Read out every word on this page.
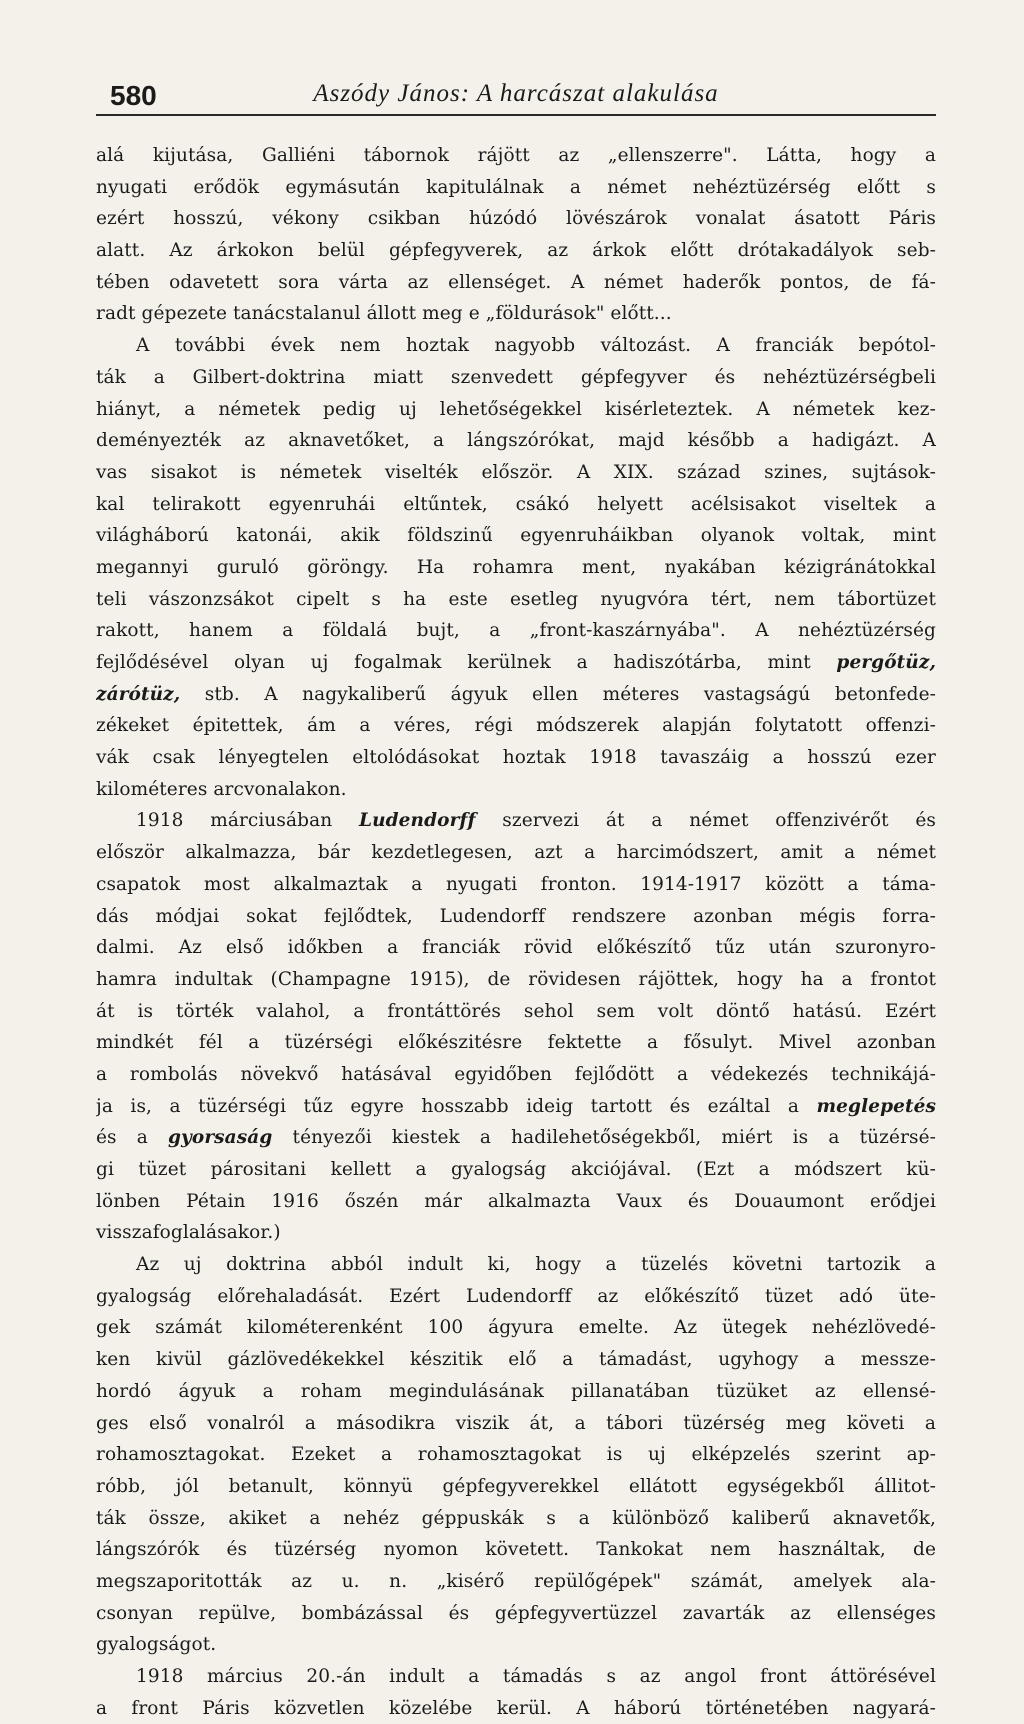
580	Aszódy János: A harcászat alakulása
alá kijutása, Galliéni tábornok rájött az „ellenszerre". Látta, hogy a
nyugati erődök egymásután kapitulálnak a német nehéztüzérség előtt s
ezért hosszú, vékony csikban húzódó lövészárok vonalat ásatott Páris
alatt. Az árkokon belül gépfegyverek, az árkok előtt drótakadályok seb-
tében odavetett sora várta az ellenséget. A német haderők pontos, de fá-
radt gépezete tanácstalanul állott meg e „földurások" előtt...
A további évek nem hoztak nagyobb változást. A franciák bepótol-
ták a Gilbert-doktrina miatt szenvedett gépfegyver és nehéztüzérségbeli
hiányt, a németek pedig uj lehetőségekkel kisérleteztek. A németek kez-
deményezték az aknavetőket, a lángszórókat, majd később a hadigázt. A
vas sisakot is németek viselték először. A XIX. század szines, sujtások-
kal telirakott egyenruhái eltűntek, csákó helyett acélsisakot viseltek a
világháború katonái, akik földszinű egyenruháikban olyanok voltak, mint
megannyi guruló göröngy. Ha rohamra ment, nyakában kézigránátokkal
teli vászonzsákot cipelt s ha este esetleg nyugvóra tért, nem tábortüzet
rakott, hanem a földalá bujt, a „front-kaszárnyába". A nehéztüzérség
fejlődésével olyan uj fogalmak kerülnek a hadiszótárba, mint pergőtüz,
zárótüz, stb. A nagykaliberű ágyuk ellen méteres vastagságú betonfede-
zékeket épitettek, ám a véres, régi módszerek alapján folytatott offenzi-
vák csak lényegtelen eltolódásokat hoztak 1918 tavaszáig a hosszú ezer
kilométeres arcvonalakon.
1918 márciusában Ludendorff szervezi át a német offenzivérőt és
először alkalmazza, bár kezdetlegesen, azt a harcimódszert, amit a német
csapatok most alkalmaztak a nyugati fronton. 1914-1917 között a táma-
dás módjai sokat fejlődtek, Ludendorff rendszere azonban mégis forra-
dalmi. Az első időkben a franciák rövid előkészítő tűz után szuronyro-
hamra indultak (Champagne 1915), de rövidesen rájöttek, hogy ha a frontot
át is törték valahol, a frontáttörés sehol sem volt döntő hatású. Ezért
mindkét fél a tüzérségi előkészitésre fektette a fősulyt. Mivel azonban
a rombolás növekvő hatásával egyidőben fejlődött a védekezés technikájá-
ja is, a tüzérségi tűz egyre hosszabb ideig tartott és ezáltal a meglepetés
és a gyorsaság tényezői kiestek a hadilehetőségekből, miért is a tüzérsé-
gi tüzet párositani kellett a gyalogság akciójával. (Ezt a módszert kü-
lönben Pétain 1916 őszén már alkalmazta Vaux és Douaumont erődjei
visszafoglalásakor.)
Az uj doktrina abból indult ki, hogy a tüzelés követni tartozik a
gyalogság előrehaladását. Ezért Ludendorff az előkészítő tüzet adó üte-
gek számát kilométerenként 100 ágyura emelte. Az ütegek nehézlövedé-
ken kivül gázlövedékekkel készitik elő a támadást, ugyhogy a messze-
hordó ágyuk a roham megindulásának pillanatában tüzüket az ellensé-
ges első vonalról a másodikra viszik át, a tábori tüzérség meg követi a
rohamosztagokat. Ezeket a rohamosztagokat is uj elképzelés szerint ap-
róbb, jól betanult, könnyü gépfegyverekkel ellátott egységekből állitot-
ták össze, akiket a nehéz géppuskák s a különböző kaliberű aknavetők,
lángszórók és tüzérség nyomon követett. Tankokat nem használtak, de
megszaporitották az u. n. „kisérő repülőgépek" számát, amelyek ala-
csonyan repülve, bombázással és gépfegyvertüzzel zavarták az ellenséges
gyalogságot.
1918 március 20.-án indult a támadás s az angol front áttörésével
a front Páris közvetlen közelébe kerül. A háború történetében nagyará-
